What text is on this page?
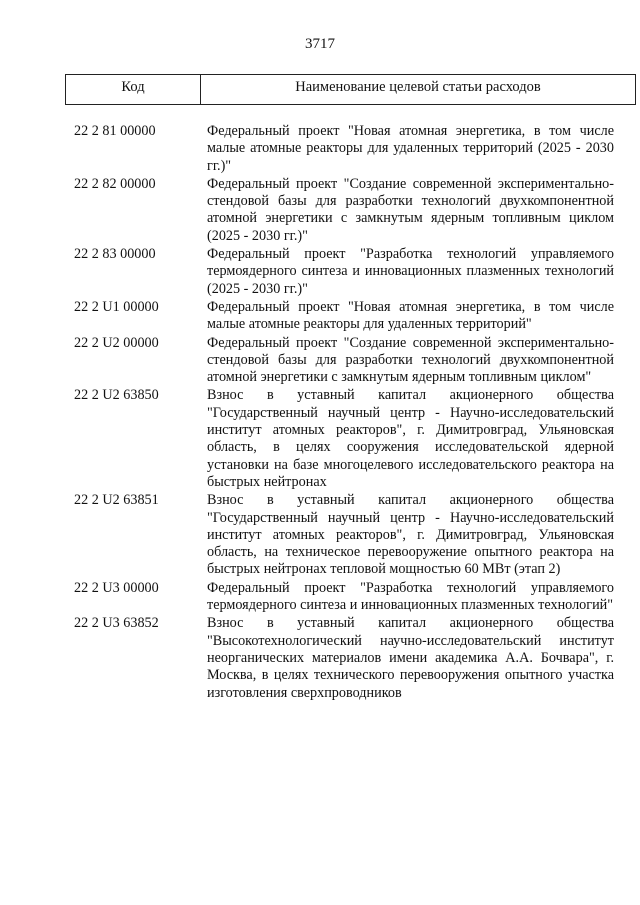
3717
Код	Наименование целевой статьи расходов
22 2 81 00000	Федеральный проект "Новая атомная энергетика, в том числе малые атомные реакторы для удаленных территорий (2025 - 2030 гг.)"
22 2 82 00000	Федеральный проект "Создание современной экспериментально-стендовой базы для разработки технологий двухкомпонентной атомной энергетики с замкнутым ядерным топливным циклом (2025 - 2030 гг.)"
22 2 83 00000	Федеральный проект "Разработка технологий управляемого термоядерного синтеза и инновационных плазменных технологий (2025 - 2030 гг.)"
22 2 U1 00000	Федеральный проект "Новая атомная энергетика, в том числе малые атомные реакторы для удаленных территорий"
22 2 U2 00000	Федеральный проект "Создание современной экспериментально-стендовой базы для разработки технологий двухкомпонентной атомной энергетики с замкнутым ядерным топливным циклом"
22 2 U2 63850	Взнос в уставный капитал акционерного общества "Государственный научный центр - Научно-исследовательский институт атомных реакторов", г. Димитровград, Ульяновская область, в целях сооружения исследовательской ядерной установки на базе многоцелевого исследовательского реактора на быстрых нейтронах
22 2 U2 63851	Взнос в уставный капитал акционерного общества "Государственный научный центр - Научно-исследовательский институт атомных реакторов", г. Димитровград, Ульяновская область, на техническое перевооружение опытного реактора на быстрых нейтронах тепловой мощностью 60 МВт (этап 2)
22 2 U3 00000	Федеральный проект "Разработка технологий управляемого термоядерного синтеза и инновационных плазменных технологий"
22 2 U3 63852	Взнос в уставный капитал акционерного общества "Высокотехнологический научно-исследовательский институт неорганических материалов имени академика А.А. Бочвара", г. Москва, в целях технического перевооружения опытного участка изготовления сверхпроводников
